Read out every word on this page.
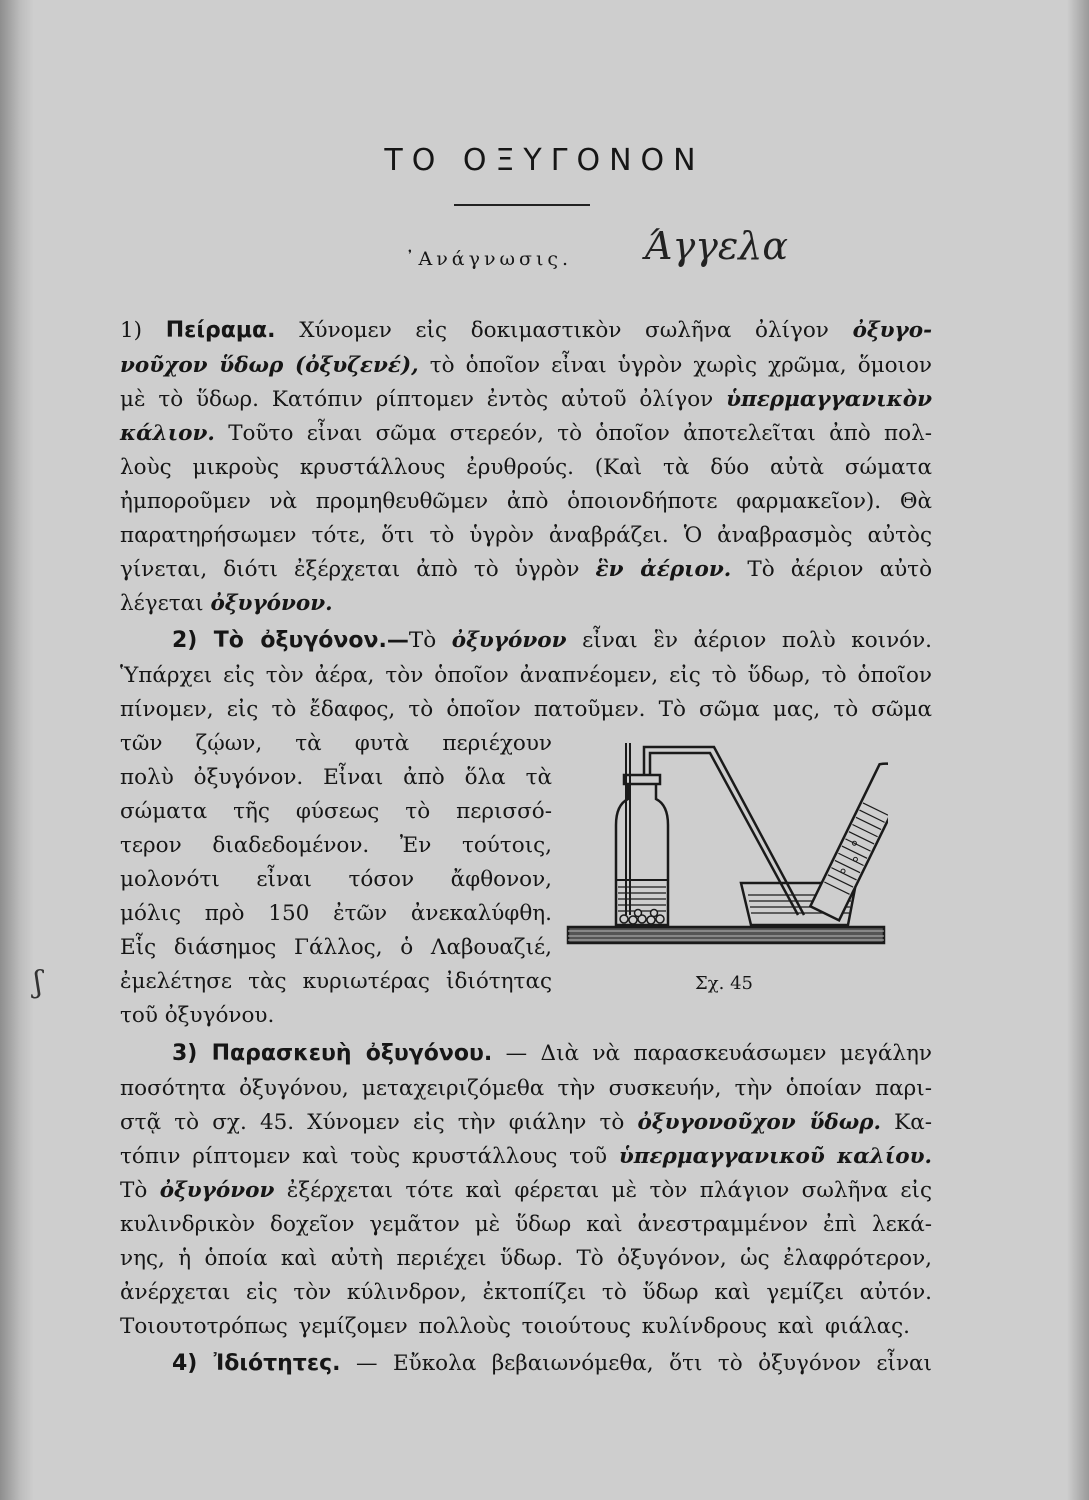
ΤΟ ΟΞΥΓΟΝΟΝ
᾿Ανάγνωσις. Άγγελα
ʃ
1) Πείραμα. Χύνομεν εἰς δοκιμαστικὸν σωλῆνα ὀλίγον ὀξυγο-
νοῦχον ὕδωρ (ὀξυζενέ), τὸ ὁποῖον εἶναι ὑγρὸν χωρὶς χρῶμα, ὅμοιον
μὲ τὸ ὕδωρ. Κατόπιν ρίπτομεν ἐντὸς αὐτοῦ ὀλίγον ὑπερμαγγανικὸν
κάλιον. Τοῦτο εἶναι σῶμα στερεόν, τὸ ὁποῖον ἀποτελεῖται ἀπὸ πολ-
λοὺς μικροὺς κρυστάλλους ἐρυθρούς. (Καὶ τὰ δύο αὐτὰ σώματα
ἠμποροῦμεν νὰ προμηθευθῶμεν ἀπὸ ὁποιονδήποτε φαρμακεῖον). Θὰ
παρατηρήσωμεν τότε, ὅτι τὸ ὑγρὸν ἀναβράζει. Ὁ ἀναβρασμὸς αὐτὸς
γίνεται, διότι ἐξέρχεται ἀπὸ τὸ ὑγρὸν ἓν ἀέριον. Τὸ ἀέριον αὐτὸ
λέγεται ὀξυγόνον.
2) Τὸ ὀξυγόνον.—Τὸ ὀξυγόνον εἶναι ἓν ἀέριον πολὺ κοινόν.
Ὑπάρχει εἰς τὸν ἀέρα, τὸν ὁποῖον ἀναπνέομεν, εἰς τὸ ὕδωρ, τὸ ὁποῖον
πίνομεν, εἰς τὸ ἔδαφος, τὸ ὁποῖον πατοῦμεν. Τὸ σῶμα μας, τὸ σῶμα
τῶν ζῴων, τὰ φυτὰ περιέχουν
πολὺ ὀξυγόνον. Εἶναι ἀπὸ ὅλα τὰ
σώματα τῆς φύσεως τὸ περισσό-
τερον διαδεδομένον. Ἐν τούτοις,
μολονότι εἶναι τόσον ἄφθονον,
μόλις πρὸ 150 ἐτῶν ἀνεκαλύφθη.
Εἷς διάσημος Γάλλος, ὁ Λαβουαζιέ,
ἐμελέτησε τὰς κυριωτέρας ἰδιότητας
τοῦ ὀξυγόνου.
Σχ. 45
3) Παρασκευὴ ὀξυγόνου. — Διὰ νὰ παρασκευάσωμεν μεγάλην
ποσότητα ὀξυγόνου, μεταχειριζόμεθα τὴν συσκευήν, τὴν ὁποίαν παρι-
στᾷ τὸ σχ. 45. Χύνομεν εἰς τὴν φιάλην τὸ ὀξυγονοῦχον ὕδωρ. Κα-
τόπιν ρίπτομεν καὶ τοὺς κρυστάλλους τοῦ ὑπερμαγγανικοῦ καλίου.
Τὸ ὀξυγόνον ἐξέρχεται τότε καὶ φέρεται μὲ τὸν πλάγιον σωλῆνα εἰς
κυλινδρικὸν δοχεῖον γεμᾶτον μὲ ὕδωρ καὶ ἀνεστραμμένον ἐπὶ λεκά-
νης, ἡ ὁποία καὶ αὐτὴ περιέχει ὕδωρ. Τὸ ὀξυγόνον, ὡς ἐλαφρότερον,
ἀνέρχεται εἰς τὸν κύλινδρον, ἐκτοπίζει τὸ ὕδωρ καὶ γεμίζει αὐτόν.
Τοιουτοτρόπως γεμίζομεν πολλοὺς τοιούτους κυλίνδρους καὶ φιάλας.
4) Ἰδιότητες. — Εὔκολα βεβαιωνόμεθα, ὅτι τὸ ὀξυγόνον εἶναι
